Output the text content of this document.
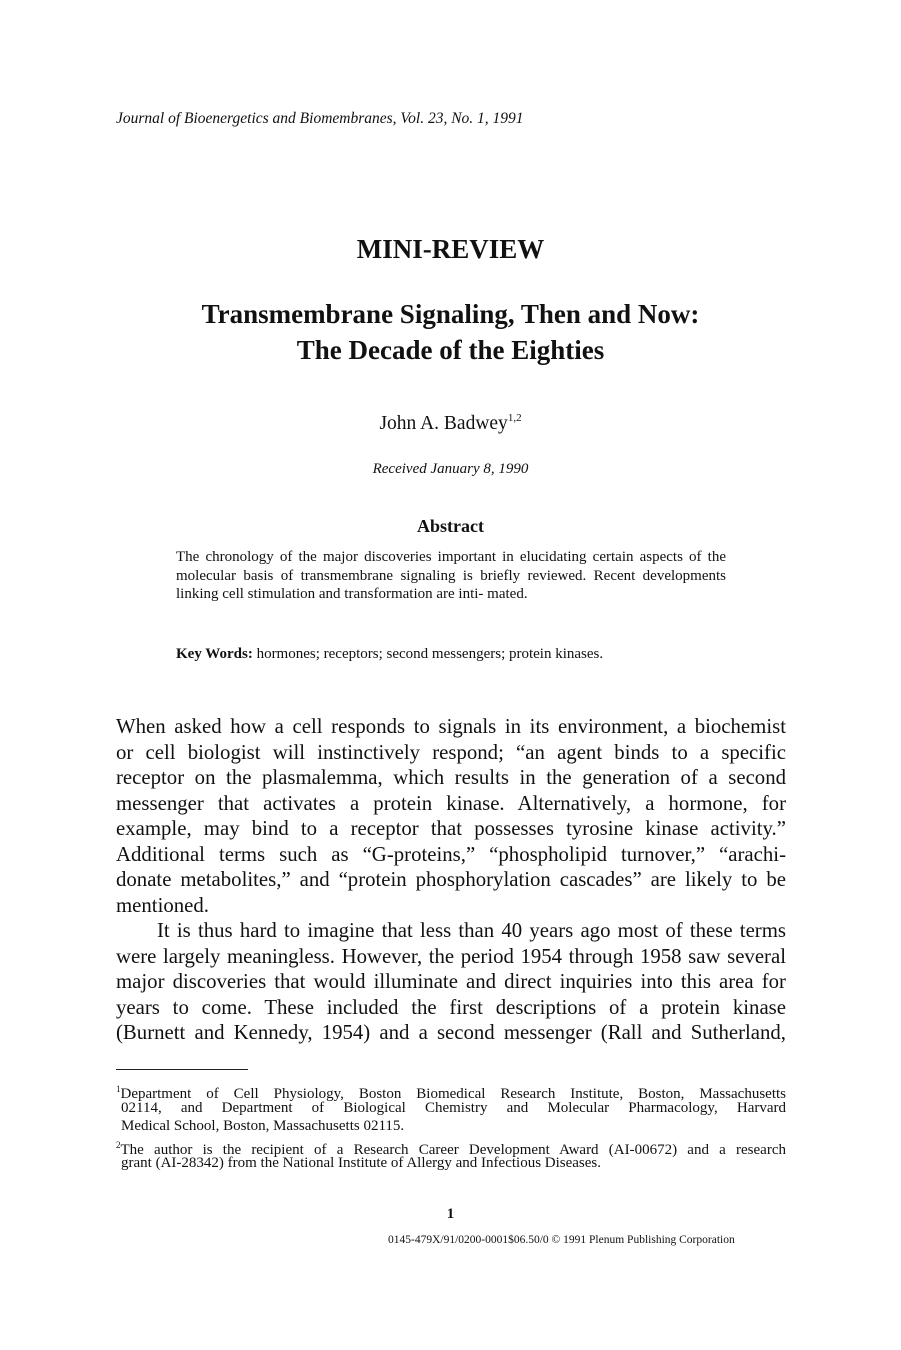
Journal of Bioenergetics and Biomembranes, Vol. 23, No. 1, 1991
MINI-REVIEW
Transmembrane Signaling, Then and Now:
The Decade of the Eighties
John A. Badwey$^{1,2}$
Received January 8, 1990
Abstract
The chronology of the major discoveries important in elucidating certain aspects of the molecular basis of transmembrane signaling is briefly reviewed. Recent developments linking cell stimulation and transformation are inti- mated.
Key Words: hormones; receptors; second messengers; protein kinases.
When asked how a cell responds to signals in its environment, a biochemist
or cell biologist will instinctively respond; “an agent binds to a specific
receptor on the plasmalemma, which results in the generation of a second
messenger that activates a protein kinase. Alternatively, a hormone, for
example, may bind to a receptor that possesses tyrosine kinase activity.”
Additional terms such as “G-proteins,” “phospholipid turnover,” “arachi-
donate metabolites,” and “protein phosphorylation cascades” are likely to be
mentioned.
It is thus hard to imagine that less than 40 years ago most of these terms
were largely meaningless. However, the period 1954 through 1958 saw several
major discoveries that would illuminate and direct inquiries into this area for
years to come. These included the first descriptions of a protein kinase
(Burnett and Kennedy, 1954) and a second messenger (Rall and Sutherland,
$^1$Department of Cell Physiology, Boston Biomedical Research Institute, Boston, Massachusetts
02114, and Department of Biological Chemistry and Molecular Pharmacology, Harvard
Medical School, Boston, Massachusetts 02115.
$^2$The author is the recipient of a Research Career Development Award (AI-00672) and a research
grant (AI-28342) from the National Institute of Allergy and Infectious Diseases.
1
0145-479X/91/0200-0001$06.50/0 © 1991 Plenum Publishing Corporation
